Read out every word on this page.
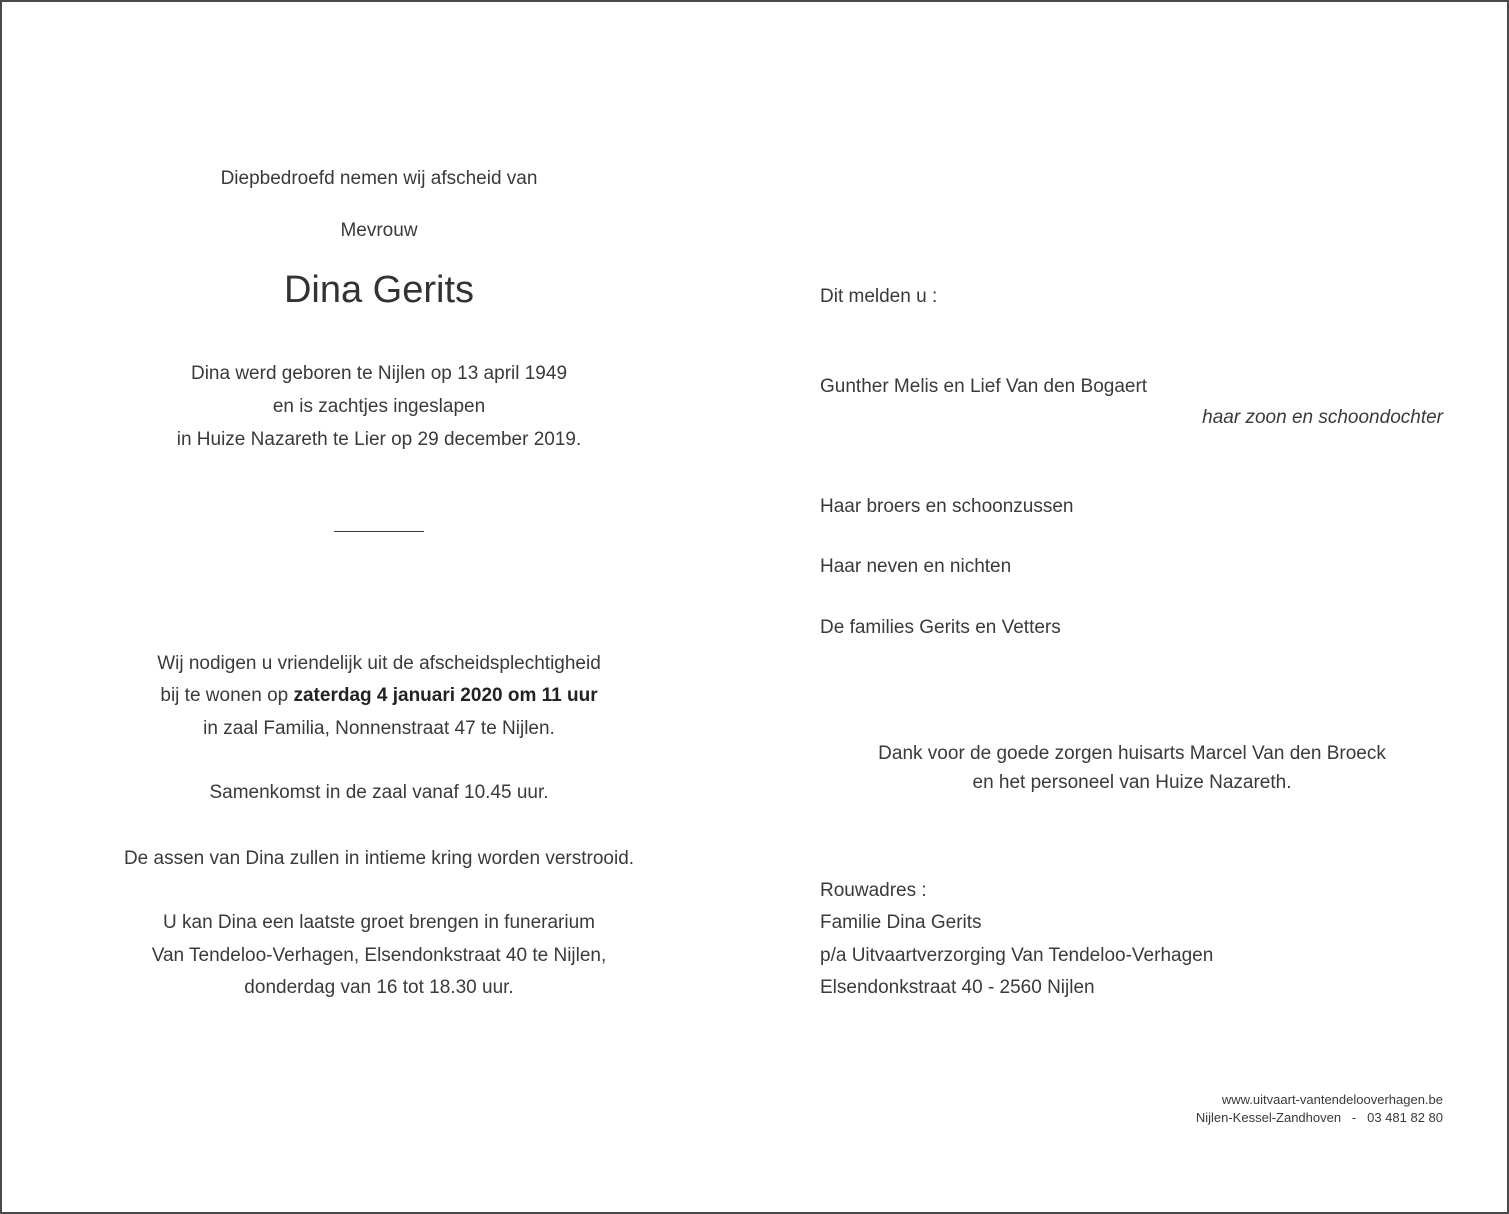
Diepbedroefd nemen wij afscheid van
Mevrouw
Dina Gerits
Dina werd geboren te Nijlen op 13 april 1949
en is zachtjes ingeslapen
in Huize Nazareth te Lier op 29 december 2019.
Wij nodigen u vriendelijk uit de afscheidsplechtigheid
bij te wonen op zaterdag 4 januari 2020 om 11 uur
in zaal Familia, Nonnenstraat 47 te Nijlen.
Samenkomst in de zaal vanaf 10.45 uur.
De assen van Dina zullen in intieme kring worden verstrooid.
U kan Dina een laatste groet brengen in funerarium
Van Tendeloo-Verhagen, Elsendonkstraat 40 te Nijlen,
donderdag van 16 tot 18.30 uur.
Dit melden u :
Gunther Melis en Lief Van den Bogaert
haar zoon en schoondochter
Haar broers en schoonzussen
Haar neven en nichten
De families Gerits en Vetters
Dank voor de goede zorgen huisarts Marcel Van den Broeck
en het personeel van Huize Nazareth.
Rouwadres :
Familie Dina Gerits
p/a Uitvaartverzorging Van Tendeloo-Verhagen
Elsendonkstraat 40 - 2560 Nijlen
www.uitvaart-vantendelooverhagen.be
Nijlen-Kessel-Zandhoven   -   03 481 82 80
